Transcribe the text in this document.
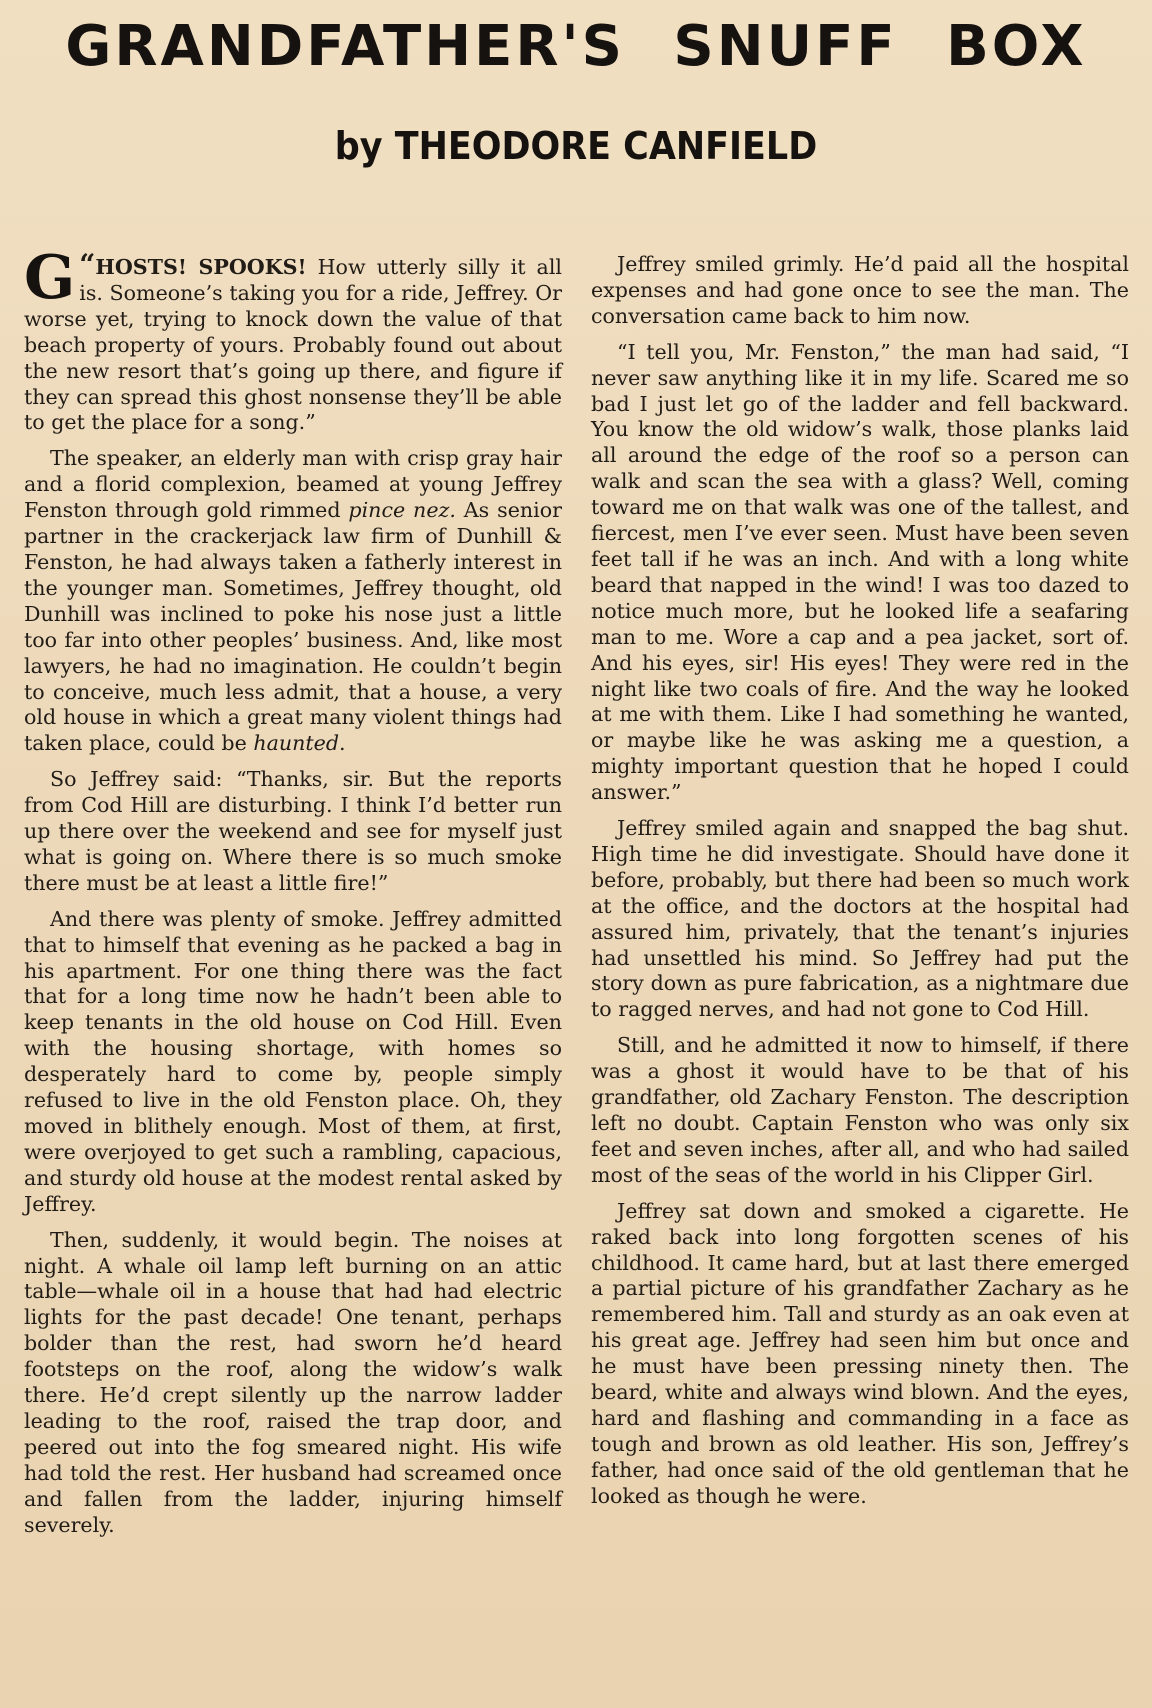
GRANDFATHER'S SNUFF BOX
by THEODORE CANFIELD

“
G HOSTS! SPOOKS! How utterly silly it all is. Someone’s taking you for a ride, Jeffrey. Or worse yet, trying to knock down the value of that beach property of yours. Probably found out about the new resort that’s going up there, and figure if they can spread this ghost nonsense they’ll be able to get the place for a song.”

The speaker, an elderly man with crisp gray hair and a florid complexion, beamed at young Jeffrey Fenston through gold rimmed pince nez. As senior partner in the crackerjack law firm of Dunhill & Fenston, he had always taken a fatherly interest in the younger man. Sometimes, Jeffrey thought, old Dunhill was inclined to poke his nose just a little too far into other peoples’ business. And, like most lawyers, he had no imagination. He couldn’t begin to conceive, much less admit, that a house, a very old house in which a great many violent things had taken place, could be haunted.

So Jeffrey said: “Thanks, sir. But the reports from Cod Hill are disturbing. I think I’d better run up there over the weekend and see for myself just what is going on. Where there is so much smoke there must be at least a little fire!”

And there was plenty of smoke. Jeffrey admitted that to himself that evening as he packed a bag in his apartment. For one thing there was the fact that for a long time now he hadn’t been able to keep tenants in the old house on Cod Hill. Even with the housing shortage, with homes so desperately hard to come by, people simply refused to live in the old Fenston place. Oh, they moved in blithely enough. Most of them, at first, were overjoyed to get such a rambling, capacious, and sturdy old house at the modest rental asked by Jeffrey.

Then, suddenly, it would begin. The noises at night. A whale oil lamp left burning on an attic table—whale oil in a house that had had electric lights for the past decade! One tenant, perhaps bolder than the rest, had sworn he’d heard footsteps on the roof, along the widow’s walk there. He’d crept silently up the narrow ladder leading to the roof, raised the trap door, and peered out into the fog smeared night. His wife had told the rest. Her husband had screamed once and fallen from the ladder, injuring himself severely.

Jeffrey smiled grimly. He’d paid all the hospital expenses and had gone once to see the man. The conversation came back to him now.

“I tell you, Mr. Fenston,” the man had said, “I never saw anything like it in my life. Scared me so bad I just let go of the ladder and fell backward. You know the old widow’s walk, those planks laid all around the edge of the roof so a person can walk and scan the sea with a glass? Well, coming toward me on that walk was one of the tallest, and fiercest, men I’ve ever seen. Must have been seven feet tall if he was an inch. And with a long white beard that napped in the wind! I was too dazed to notice much more, but he looked life a seafaring man to me. Wore a cap and a pea jacket, sort of. And his eyes, sir! His eyes! They were red in the night like two coals of fire. And the way he looked at me with them. Like I had something he wanted, or maybe like he was asking me a question, a mighty important question that he hoped I could answer.”

Jeffrey smiled again and snapped the bag shut. High time he did investigate. Should have done it before, probably, but there had been so much work at the office, and the doctors at the hospital had assured him, privately, that the tenant’s injuries had unsettled his mind. So Jeffrey had put the story down as pure fabrication, as a nightmare due to ragged nerves, and had not gone to Cod Hill.

Still, and he admitted it now to himself, if there was a ghost it would have to be that of his grandfather, old Zachary Fenston. The description left no doubt. Captain Fenston who was only six feet and seven inches, after all, and who had sailed most of the seas of the world in his Clipper Girl.

Jeffrey sat down and smoked a cigarette. He raked back into long forgotten scenes of his childhood. It came hard, but at last there emerged a partial picture of his grandfather Zachary as he remembered him. Tall and sturdy as an oak even at his great age. Jeffrey had seen him but once and he must have been pressing ninety then. The beard, white and always wind blown. And the eyes, hard and flashing and commanding in a face as tough and brown as old leather. His son, Jeffrey’s father, had once said of the old gentleman that he looked as though he were.
